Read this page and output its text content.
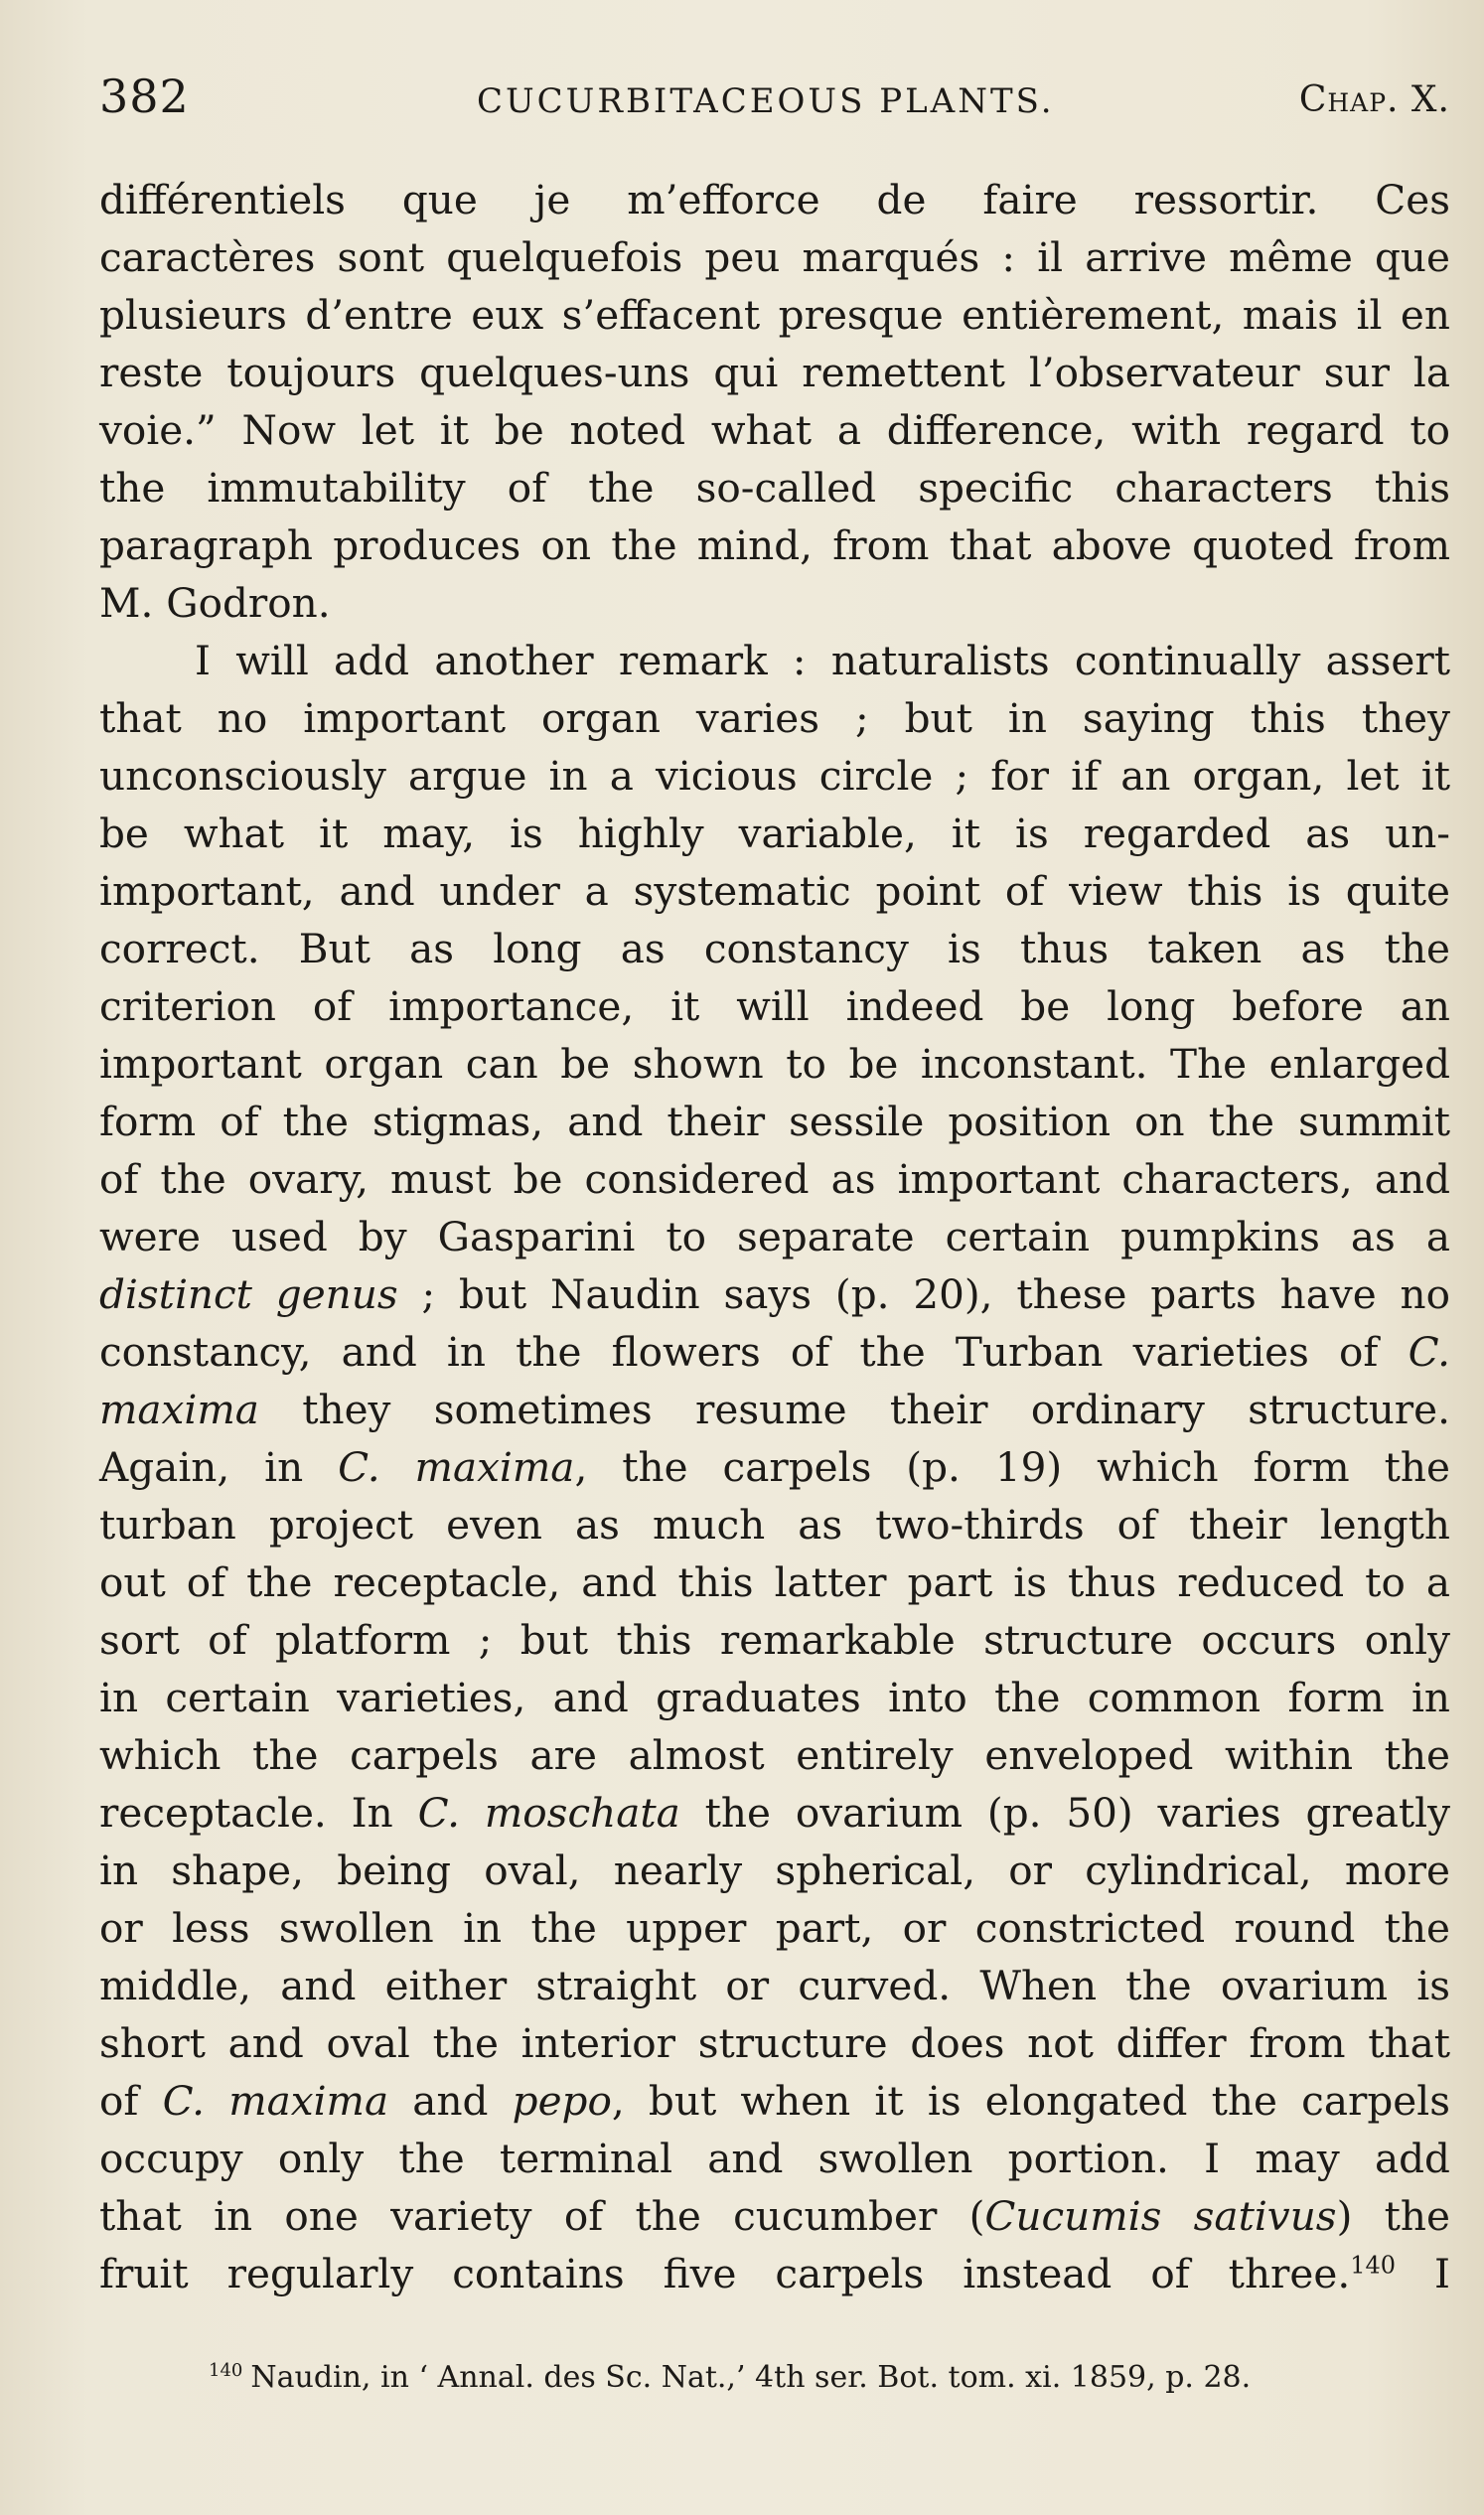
382	CUCURBITACEOUS PLANTS.	Chap. X.
différentiels que je m’efforce de faire ressortir. Ces
caractères sont quelquefois peu marqués : il arrive même que
plusieurs d’entre eux s’effacent presque entièrement, mais il en
reste toujours quelques-uns qui remettent l’observateur sur la
voie.” Now let it be noted what a difference, with regard to
the immutability of the so-called specific characters this
paragraph produces on the mind, from that above quoted from
M. Godron.
I will add another remark : naturalists continually assert
that no important organ varies ; but in saying this they
unconsciously argue in a vicious circle ; for if an organ, let it
be what it may, is highly variable, it is regarded as un-
important, and under a systematic point of view this is quite
correct. But as long as constancy is thus taken as the
criterion of importance, it will indeed be long before an
important organ can be shown to be inconstant. The enlarged
form of the stigmas, and their sessile position on the summit
of the ovary, must be considered as important characters, and
were used by Gasparini to separate certain pumpkins as a
distinct genus ; but Naudin says (p. 20), these parts have no
constancy, and in the flowers of the Turban varieties of C.
maxima they sometimes resume their ordinary structure.
Again, in C. maxima, the carpels (p. 19) which form the
turban project even as much as two-thirds of their length
out of the receptacle, and this latter part is thus reduced to a
sort of platform ; but this remarkable structure occurs only
in certain varieties, and graduates into the common form in
which the carpels are almost entirely enveloped within the
receptacle. In C. moschata the ovarium (p. 50) varies greatly
in shape, being oval, nearly spherical, or cylindrical, more
or less swollen in the upper part, or constricted round the
middle, and either straight or curved. When the ovarium is
short and oval the interior structure does not differ from that
of C. maxima and pepo, but when it is elongated the carpels
occupy only the terminal and swollen portion. I may add
that in one variety of the cucumber (Cucumis sativus) the
fruit regularly contains five carpels instead of three.$^{140}$ I
$^{140}$ Naudin, in ‘ Annal. des Sc. Nat.,’ 4th ser. Bot. tom. xi. 1859, p. 28.
